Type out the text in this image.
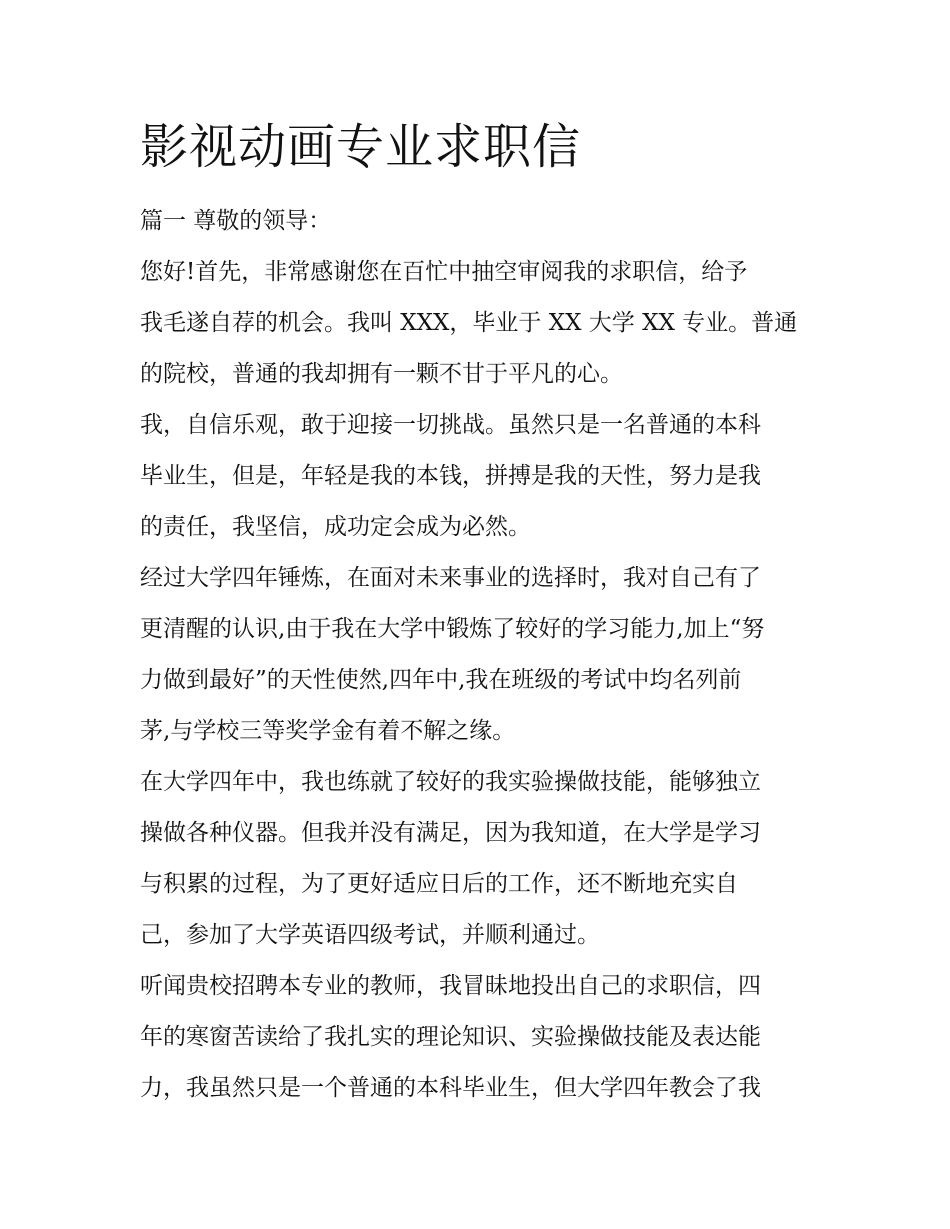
影视动画专业求职信
篇一 尊敬的领导：
您好!首先，非常感谢您在百忙中抽空审阅我的求职信，给予
我毛遂自荐的机会。我叫 XXX，毕业于 XX 大学 XX 专业。普通
的院校，普通的我却拥有一颗不甘于平凡的心。
我，自信乐观，敢于迎接一切挑战。虽然只是一名普通的本科
毕业生，但是，年轻是我的本钱，拼搏是我的天性，努力是我
的责任，我坚信，成功定会成为必然。
经过大学四年锤炼，在面对未来事业的选择时，我对自己有了
更清醒的认识,由于我在大学中锻炼了较好的学习能力,加上“努
力做到最好”的天性使然,四年中,我在班级的考试中均名列前
茅,与学校三等奖学金有着不解之缘。
在大学四年中，我也练就了较好的我实验操做技能，能够独立
操做各种仪器。但我并没有满足，因为我知道，在大学是学习
与积累的过程，为了更好适应日后的工作，还不断地充实自
己，参加了大学英语四级考试，并顺利通过。
听闻贵校招聘本专业的教师，我冒昧地投出自己的求职信，四
年的寒窗苦读给了我扎实的理论知识、实验操做技能及表达能
力，我虽然只是一个普通的本科毕业生，但大学四年教会了我
